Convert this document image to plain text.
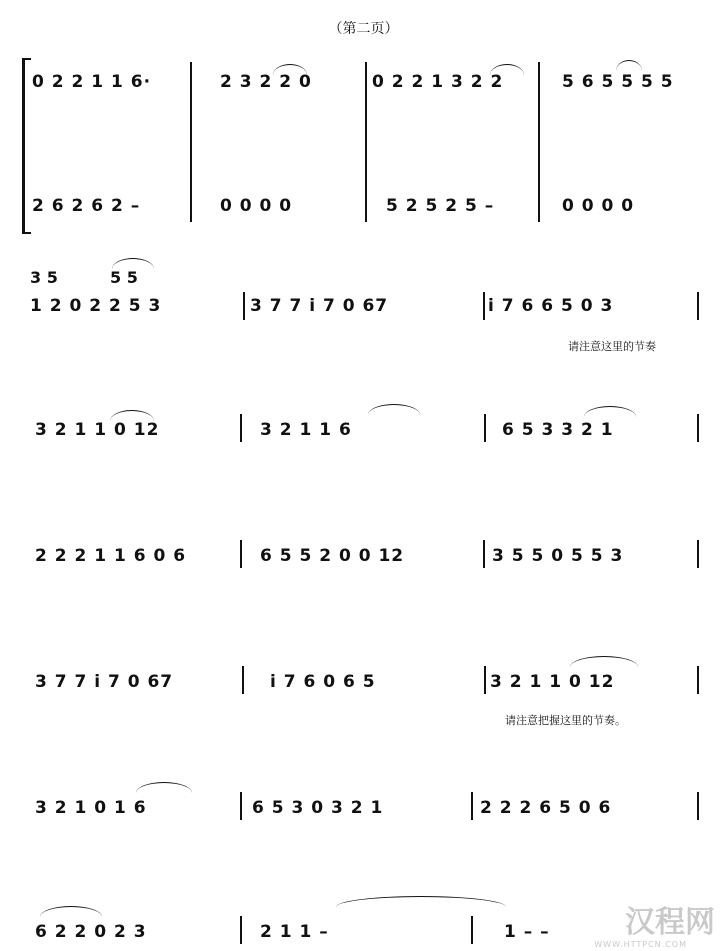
（第二页）
0 2 2 1 1 6·	2 3 2 2 0	0 2 2 1 3 2 2	5 6 5 5 5 5
2 6 2 6 2 –	0 0 0 0	5 2 5 2 5 –	0 0 0 0
3 5	5 5
1 2 0 2 2 5 3	3 7 7 i 7 0 67	i 7 6 6 5 0 3
请注意这里的节奏
3 2 1 1 0 12	3 2 1 1 6	6 5 3 3 2 1
2 2 2 1 1 6 0 6	6 5 5 2 0 0 12	3 5 5 0 5 5 3
3 7 7 i 7 0 67	i 7 6 0 6 5	3 2 1 1 0 12
请注意把握这里的节奏。
3 2 1 0 1 6	6 5 3 0 3 2 1	2 2 2 6 5 0 6
6 2 2 0 2 3	2 1 1 –	1 – –	汉程网
WWW.HTTPCN.COM
